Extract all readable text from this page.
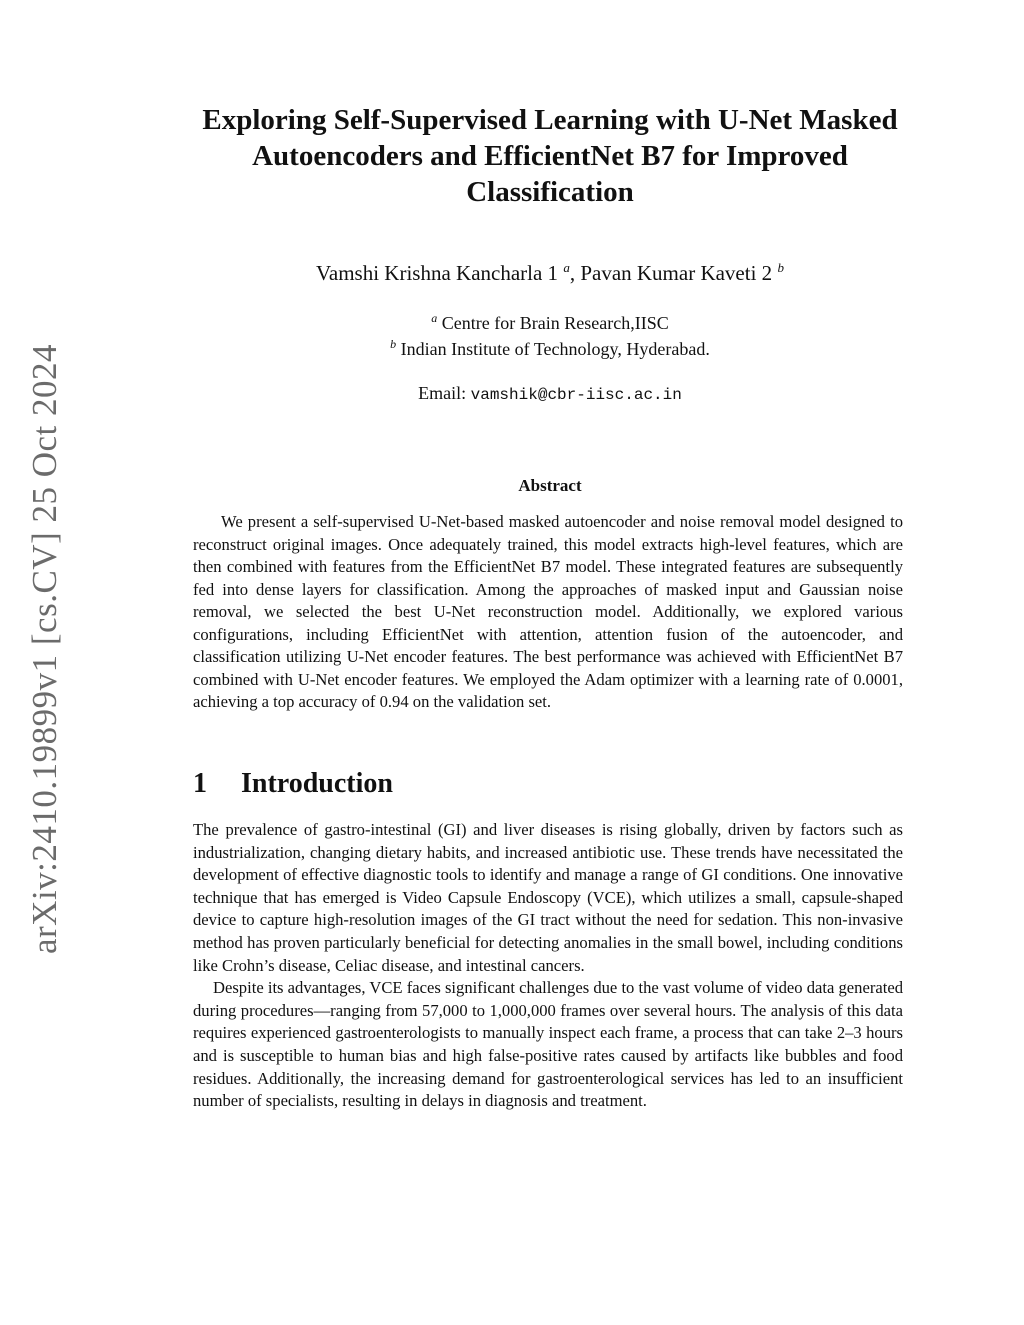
arXiv:2410.19899v1 [cs.CV] 25 Oct 2024
Exploring Self-Supervised Learning with U-Net Masked
Autoencoders and EfficientNet B7 for Improved
Classification
Vamshi Krishna Kancharla 1 $^a$, Pavan Kumar Kaveti 2 $^b$
$^a$ Centre for Brain Research,IISC
$^b$ Indian Institute of Technology, Hyderabad.
Email: vamshik@cbr-iisc.ac.in
Abstract

We present a self-supervised U-Net-based masked autoencoder and noise removal model designed to reconstruct original images. Once adequately trained, this model extracts high-level features, which are then combined with features from the EfficientNet B7 model. These integrated features are subsequently fed into dense layers for classification. Among the approaches of masked input and Gaussian noise removal, we selected the best U-Net reconstruction model. Additionally, we explored various configurations, including EfficientNet with attention, attention fusion of the autoencoder, and classification utilizing U-Net encoder features. The best performance was achieved with EfficientNet B7 combined with U-Net encoder features. We employed the Adam optimizer with a learning rate of 0.0001, achieving a top accuracy of 0.94 on the validation set.

1 Introduction

The prevalence of gastro-intestinal (GI) and liver diseases is rising globally, driven by factors such as industrialization, changing dietary habits, and increased antibiotic use. These trends have necessitated the development of effective diagnostic tools to identify and manage a range of GI conditions. One innovative technique that has emerged is Video Capsule Endoscopy (VCE), which utilizes a small, capsule-shaped device to capture high-resolution images of the GI tract without the need for sedation. This non-invasive method has proven particularly beneficial for detecting anomalies in the small bowel, including conditions like Crohn’s disease, Celiac disease, and intestinal cancers.

Despite its advantages, VCE faces significant challenges due to the vast volume of video data generated during procedures—ranging from 57,000 to 1,000,000 frames over several hours. The analysis of this data requires experienced gastroenterologists to manually inspect each frame, a process that can take 2–3 hours and is susceptible to human bias and high false-positive rates caused by artifacts like bubbles and food residues. Additionally, the increasing demand for gastroenterological services has led to an insufficient number of specialists, resulting in delays in diagnosis and treatment.
